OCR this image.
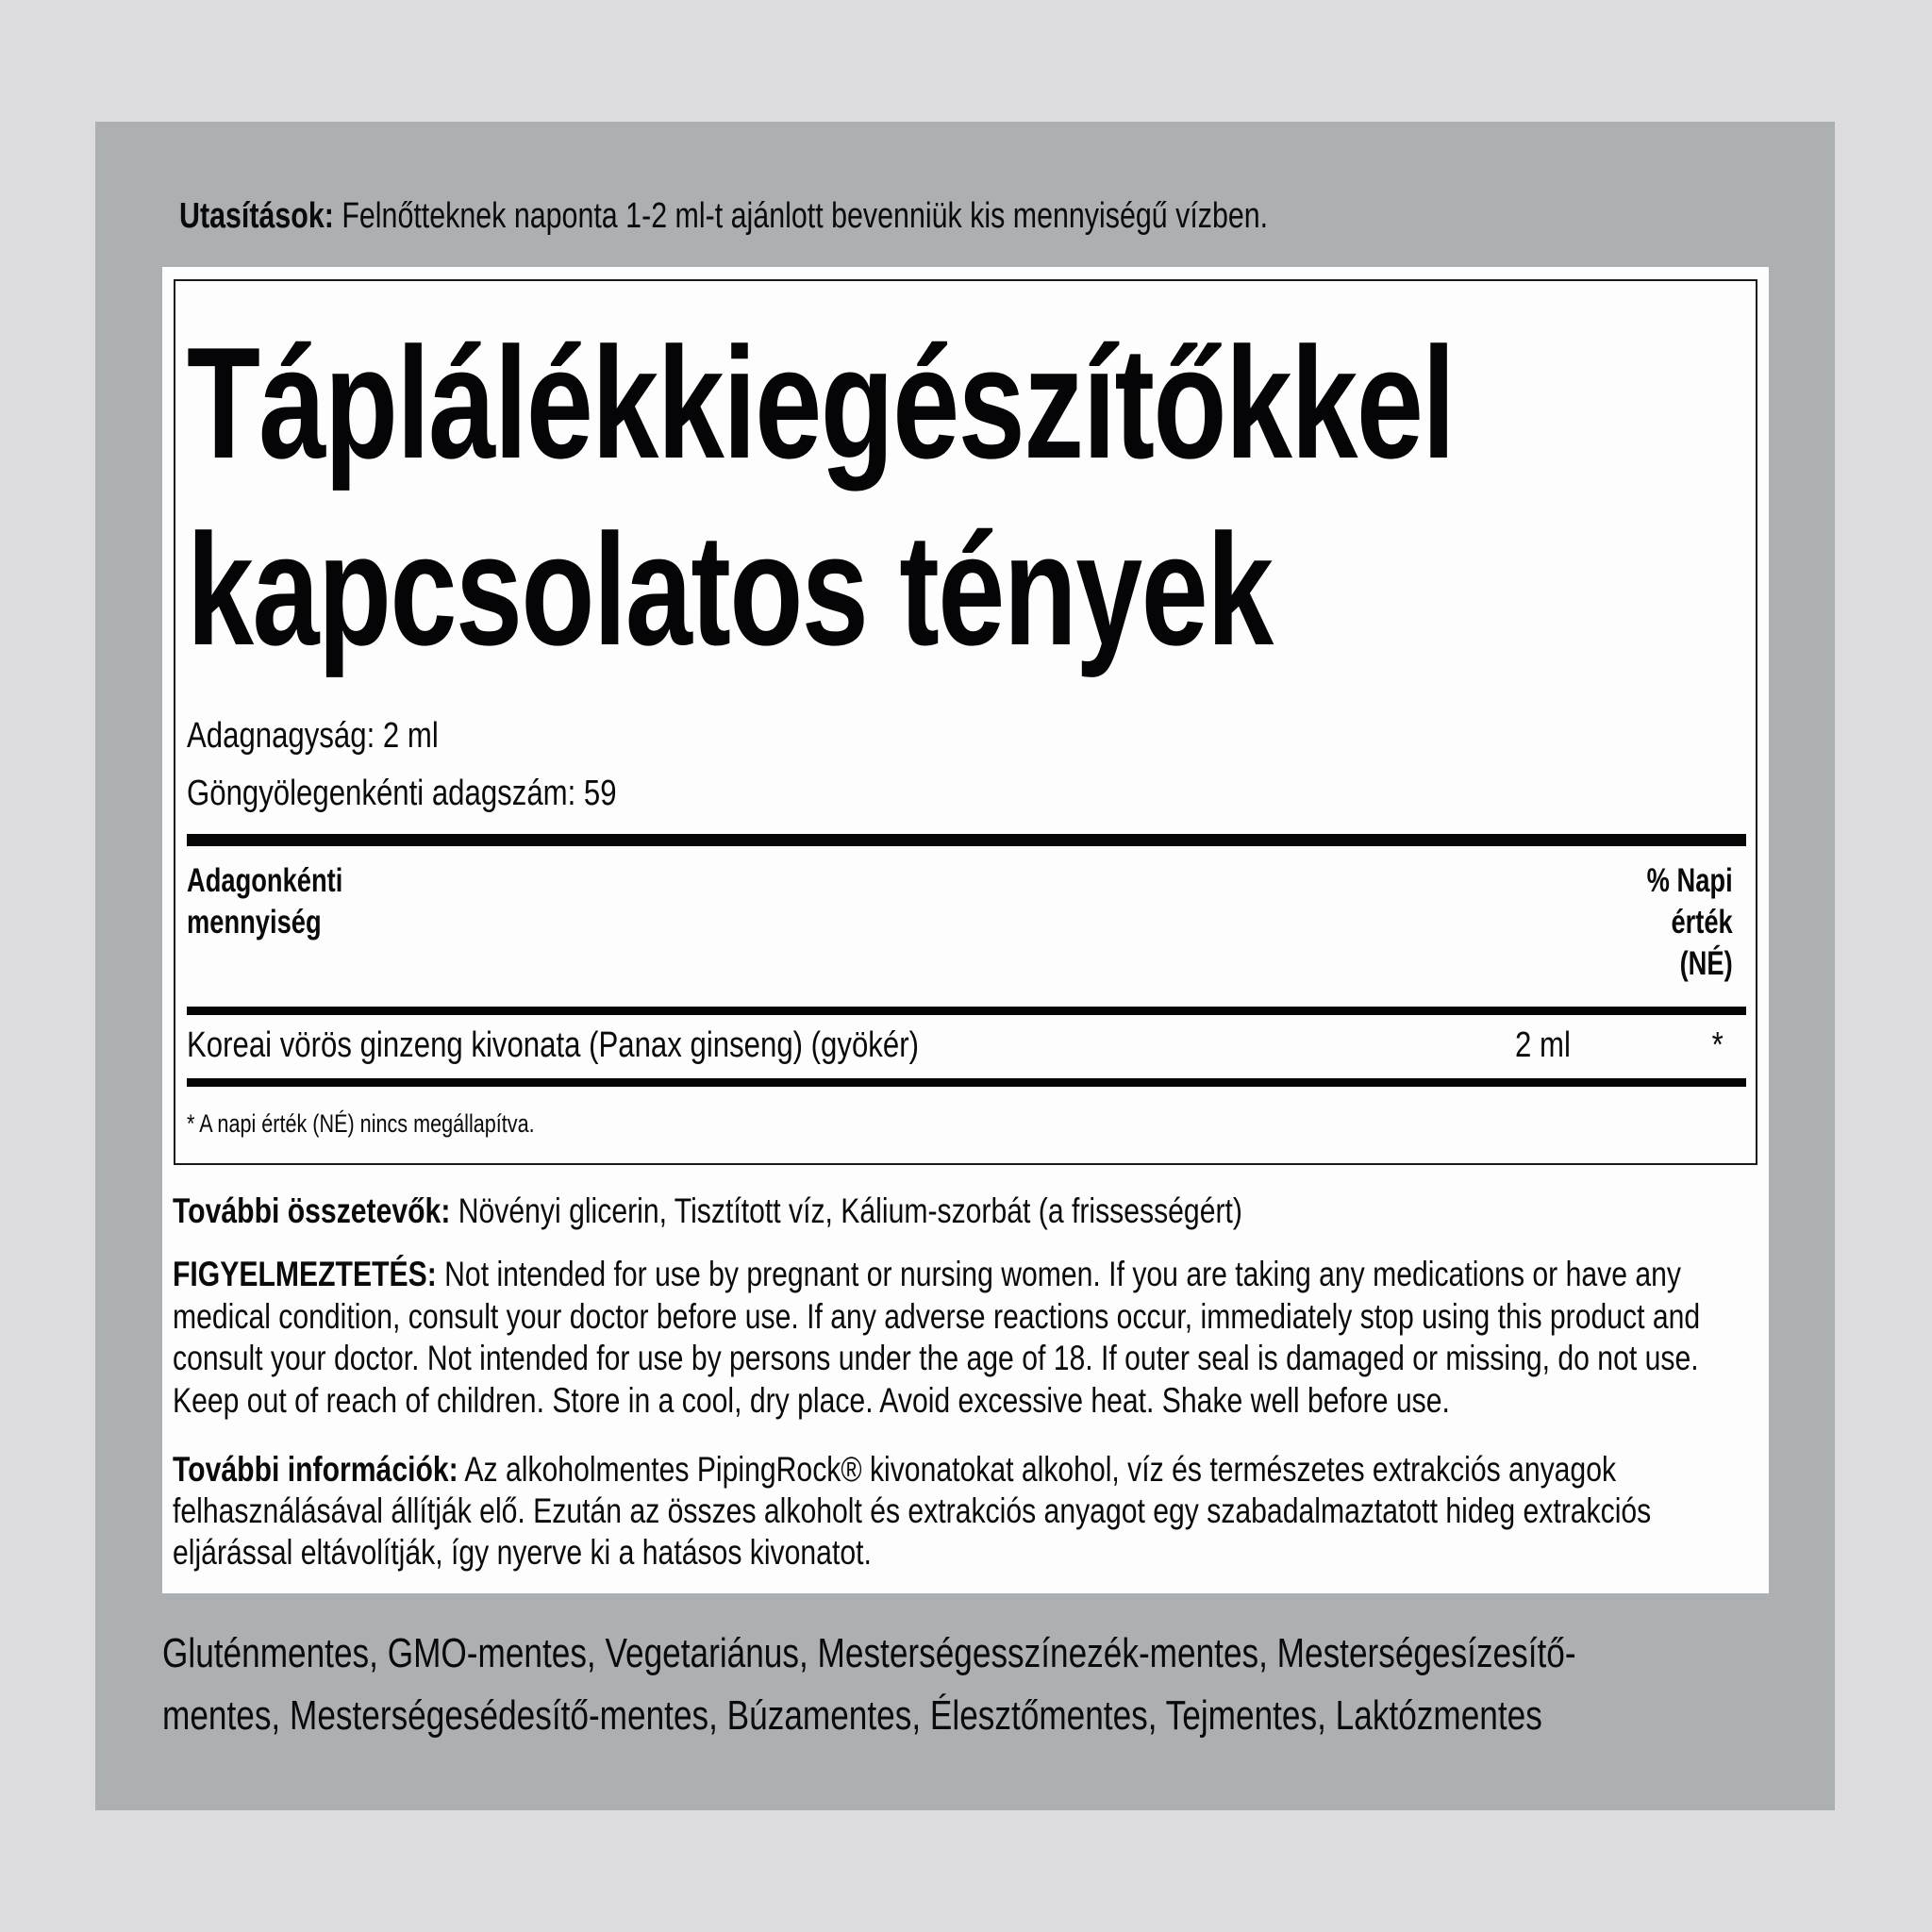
Utasítások: Felnőtteknek naponta 1-2 ml-t ajánlott bevenniük kis mennyiségű vízben.
Táplálékkiegészítőkkel
kapcsolatos tények
Adagnagyság: 2 ml
Göngyölegenkénti adagszám: 59
Adagonkénti
mennyiség
% Napi
érték
(NÉ)
Koreai vörös ginzeng kivonata (Panax ginseng) (gyökér)	2 ml	*
* A napi érték (NÉ) nincs megállapítva.
További összetevők: Növényi glicerin, Tisztított víz, Kálium-szorbát (a frissességért)
FIGYELMEZTETÉS: Not intended for use by pregnant or nursing women. If you are taking any medications or have any
medical condition, consult your doctor before use. If any adverse reactions occur, immediately stop using this product and
consult your doctor. Not intended for use by persons under the age of 18. If outer seal is damaged or missing, do not use.
Keep out of reach of children. Store in a cool, dry place. Avoid excessive heat. Shake well before use.
További információk: Az alkoholmentes PipingRock® kivonatokat alkohol, víz és természetes extrakciós anyagok
felhasználásával állítják elő. Ezután az összes alkoholt és extrakciós anyagot egy szabadalmaztatott hideg extrakciós
eljárással eltávolítják, így nyerve ki a hatásos kivonatot.
Gluténmentes, GMO-mentes, Vegetariánus, Mesterségesszínezék-mentes, Mesterségesízesítő-
mentes, Mesterségesédesítő-mentes, Búzamentes, Élesztőmentes, Tejmentes, Laktózmentes
